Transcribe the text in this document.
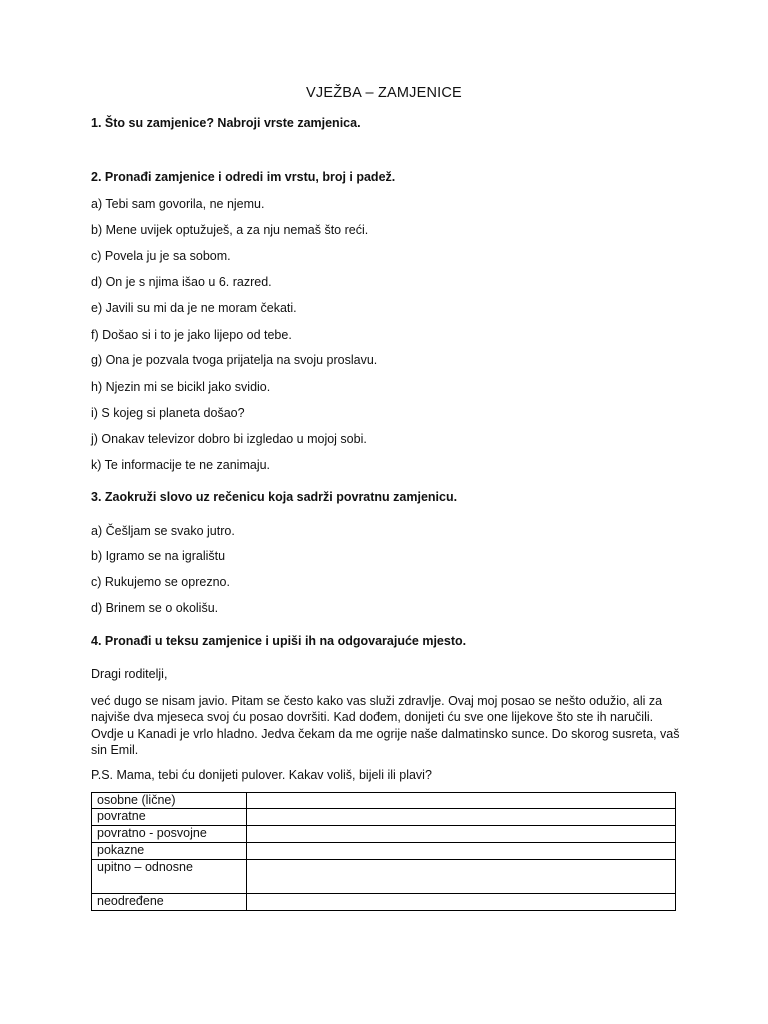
VJEŽBA – ZAMJENICE
1. Što su zamjenice? Nabroji vrste zamjenica.
2. Pronađi zamjenice i odredi im vrstu, broj i padež.
a) Tebi sam govorila, ne njemu.
b) Mene uvijek optužuješ, a za nju nemaš što reći.
c) Povela ju je sa sobom.
d) On je s njima išao u 6. razred.
e) Javili su mi da je ne moram čekati.
f) Došao si i to je jako lijepo od tebe.
g) Ona je pozvala tvoga prijatelja na svoju proslavu.
h) Njezin mi se bicikl jako svidio.
i) S kojeg si planeta došao?
j) Onakav televizor dobro bi izgledao u mojoj sobi.
k) Te informacije te ne zanimaju.
3. Zaokruži slovo uz rečenicu koja sadrži povratnu zamjenicu.
a) Češljam se svako jutro.
b) Igramo se na igralištu
c) Rukujemo se oprezno.
d) Brinem se o okolišu.
4. Pronađi u teksu zamjenice i upiši ih na odgovarajuće mjesto.
Dragi roditelji,
već dugo se nisam javio. Pitam se često kako vas služi zdravlje. Ovaj moj posao se nešto odužio, ali za najviše dva mjeseca svoj ću posao dovršiti. Kad dođem, donijeti ću sve one lijekove što ste ih naručili. Ovdje u Kanadi je vrlo hladno. Jedva čekam da me ogrije naše dalmatinsko sunce. Do skorog susreta, vaš sin Emil.
P.S. Mama, tebi ću donijeti pulover. Kakav voliš, bijeli ili plavi?
osobne (lične)	
povratne	
povratno - posvojne	
pokazne	
upitno – odnosne	
neodređene	
